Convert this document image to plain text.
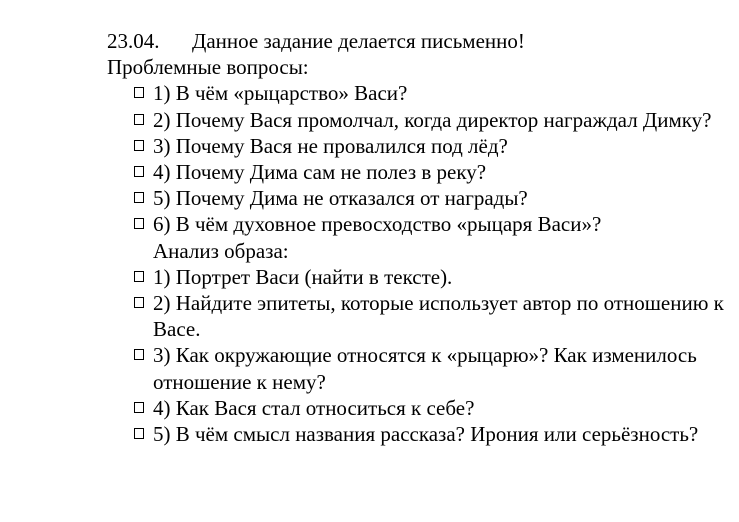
23.04.	Данное задание делается письменно!
Проблемные вопросы:
1) В чём «рыцарство» Васи?
2) Почему Вася промолчал, когда директор награждал Димку?
3) Почему Вася не провалился под лёд?
4) Почему Дима сам не полез в реку?
5) Почему Дима не отказался от награды?
6) В чём духовное превосходство «рыцаря Васи»?
Анализ образа:
1) Портрет Васи (найти в тексте).
2) Найдите эпитеты, которые использует автор по отношению к Васе.
3) Как окружающие относятся к «рыцарю»? Как изменилось отношение к нему?
4) Как Вася стал относиться к себе?
5) В чём смысл названия рассказа? Ирония или серьёзность?
